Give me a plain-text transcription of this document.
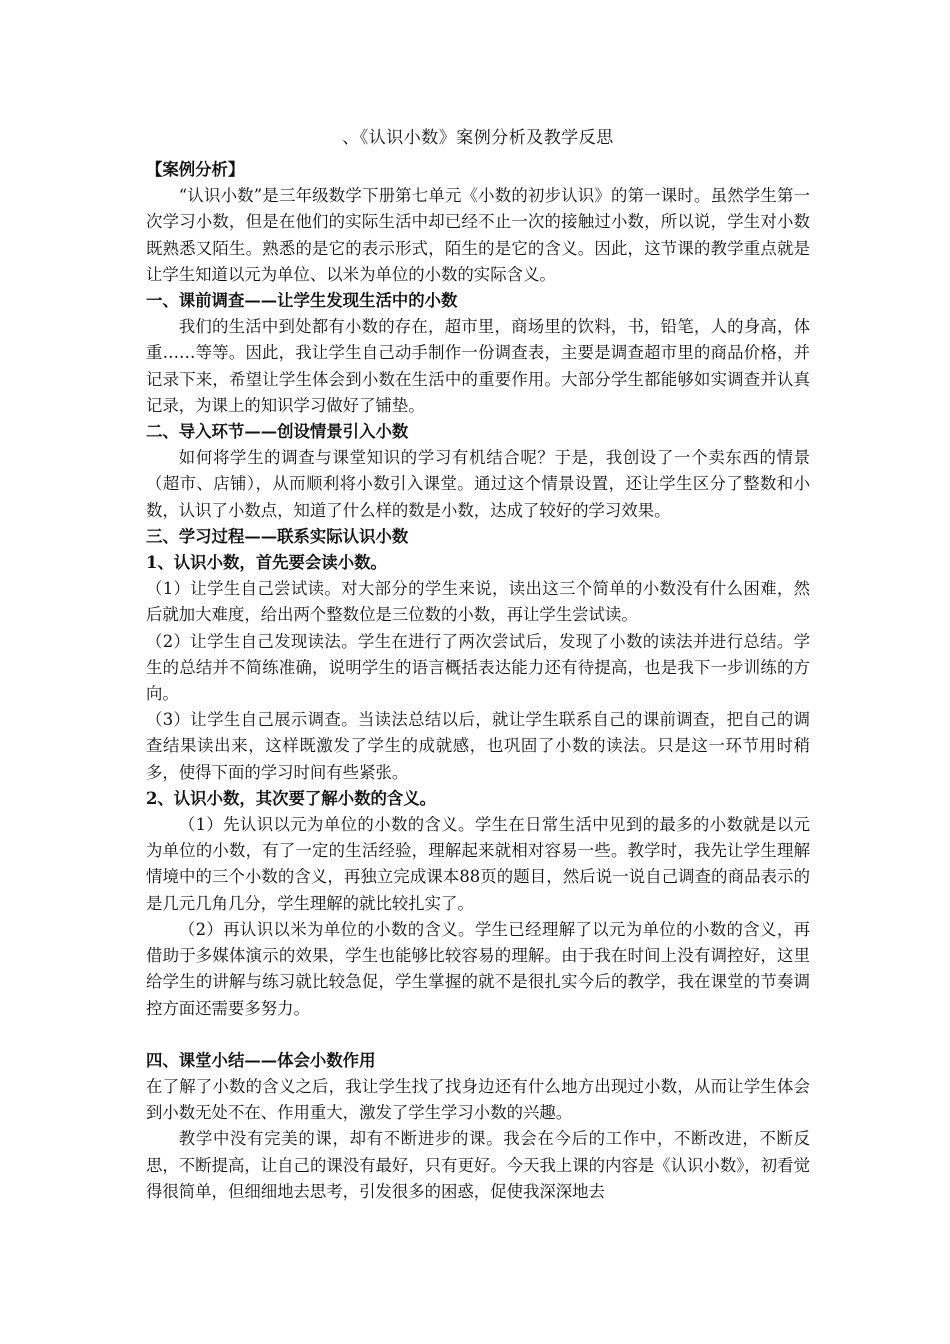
、《认识小数》案例分析及教学反思

【案例分析】

“认识小数”是三年级数学下册第七单元《小数的初步认识》的第一课时。虽然学生第一次学习小数，但是在他们的实际生活中却已经不止一次的接触过小数，所以说，学生对小数既熟悉又陌生。熟悉的是它的表示形式，陌生的是它的含义。因此，这节课的教学重点就是让学生知道以元为单位、以米为单位的小数的实际含义。

一、课前调查——让学生发现生活中的小数

我们的生活中到处都有小数的存在，超市里，商场里的饮料，书，铅笔，人的身高，体重……等等。因此，我让学生自己动手制作一份调查表，主要是调查超市里的商品价格，并记录下来，希望让学生体会到小数在生活中的重要作用。大部分学生都能够如实调查并认真记录，为课上的知识学习做好了铺垫。

二、导入环节——创设情景引入小数

如何将学生的调查与课堂知识的学习有机结合呢？于是，我创设了一个卖东西的情景（超市、店铺），从而顺利将小数引入课堂。通过这个情景设置，还让学生区分了整数和小数，认识了小数点，知道了什么样的数是小数，达成了较好的学习效果。

三、学习过程——联系实际认识小数

1、认识小数，首先要会读小数。

（1）让学生自己尝试读。对大部分的学生来说，读出这三个简单的小数没有什么困难，然后就加大难度，给出两个整数位是三位数的小数，再让学生尝试读。

（2）让学生自己发现读法。学生在进行了两次尝试后，发现了小数的读法并进行总结。学生的总结并不简练准确，说明学生的语言概括表达能力还有待提高，也是我下一步训练的方向。

（3）让学生自己展示调查。当读法总结以后，就让学生联系自己的课前调查，把自己的调查结果读出来，这样既激发了学生的成就感，也巩固了小数的读法。只是这一环节用时稍多，使得下面的学习时间有些紧张。

2、认识小数，其次要了解小数的含义。

（1）先认识以元为单位的小数的含义。学生在日常生活中见到的最多的小数就是以元为单位的小数，有了一定的生活经验，理解起来就相对容易一些。教学时，我先让学生理解情境中的三个小数的含义，再独立完成课本88页的题目，然后说一说自己调查的商品表示的是几元几角几分，学生理解的就比较扎实了。

（2）再认识以米为单位的小数的含义。学生已经理解了以元为单位的小数的含义，再借助于多媒体演示的效果，学生也能够比较容易的理解。由于我在时间上没有调控好，这里给学生的讲解与练习就比较急促，学生掌握的就不是很扎实今后的教学，我在课堂的节奏调控方面还需要多努力。

四、课堂小结——体会小数作用

在了解了小数的含义之后，我让学生找了找身边还有什么地方出现过小数，从而让学生体会到小数无处不在、作用重大，激发了学生学习小数的兴趣。

教学中没有完美的课，却有不断进步的课。我会在今后的工作中，不断改进，不断反思，不断提高，让自己的课没有最好，只有更好。今天我上课的内容是《认识小数》，初看觉得很简单，但细细地去思考，引发很多的困惑，促使我深深地去
